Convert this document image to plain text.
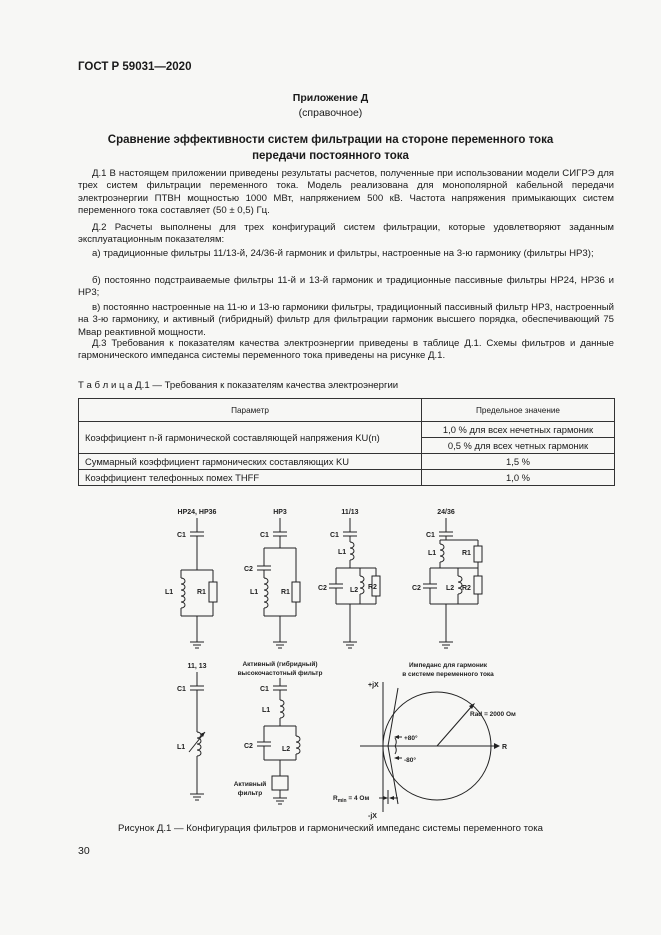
ГОСТ Р 59031—2020
Приложение Д
(справочное)
Сравнение эффективности систем фильтрации на стороне переменного тока
передачи постоянного тока

Д.1 В настоящем приложении приведены результаты расчетов, полученные при использовании модели СИГРЭ для трех систем фильтрации переменного тока. Модель реализована для монополярной кабельной передачи электроэнергии ПТВН мощностью 1000 МВт, напряжением 500 кВ. Частота напряжения примыкающих систем переменного тока составляет (50 ± 0,5) Гц.

Д.2 Расчеты выполнены для трех конфигураций систем фильтрации, которые удовлетворяют заданным эксплуатационным показателям:

а) традиционные фильтры 11/13-й, 24/36-й гармоник и фильтры, настроенные на 3-ю гармонику (фильтры НР3);

б) постоянно подстраиваемые фильтры 11-й и 13-й гармоник и традиционные пассивные фильтры НР24, НР36 и НР3;

в) постоянно настроенные на 11-ю и 13-ю гармоники фильтры, традиционный пассивный фильтр НР3, настроенный на 3-ю гармонику, и активный (гибридный) фильтр для фильтрации гармоник высшего порядка, обеспечивающий 75 Мвар реактивной мощности.

Д.3 Требования к показателям качества электроэнергии приведены в таблице Д.1. Схемы фильтров и данные гармонического импеданса системы переменного тока приведены на рисунке Д.1.

Т а б л и ц а Д.1 — Требования к показателям качества электроэнергии
Параметр	Предельное значение
Коэффициент n-й гармонической составляющей напряжения KU(n)	1,0 % для всех нечетных гармоник
	0,5 % для всех четных гармоник
Суммарный коэффициент гармонических составляющих KU	1,5 %
Коэффициент телефонных помех THFF	1,0 %
НР24, НР36
C1
L1	R1
НР3
C1
C2
L1	R1
11/13
C1
L1
C2	L2 R2
24/36
C1
L1	R1
C2	L2 R2
11, 13
C1
L1
Активный (гибридный)
высокочастотный фильтр
C1
L1
C2	L2
Активный
фильтр
Импеданс для гармоник
в системе переменного тока
+jX
-jX
R
Rad = 2000 Ом
+80°
-80°
$R_{min} = 4$ Ом
Рисунок Д.1 — Конфигурация фильтров и гармонический импеданс системы переменного тока
30
